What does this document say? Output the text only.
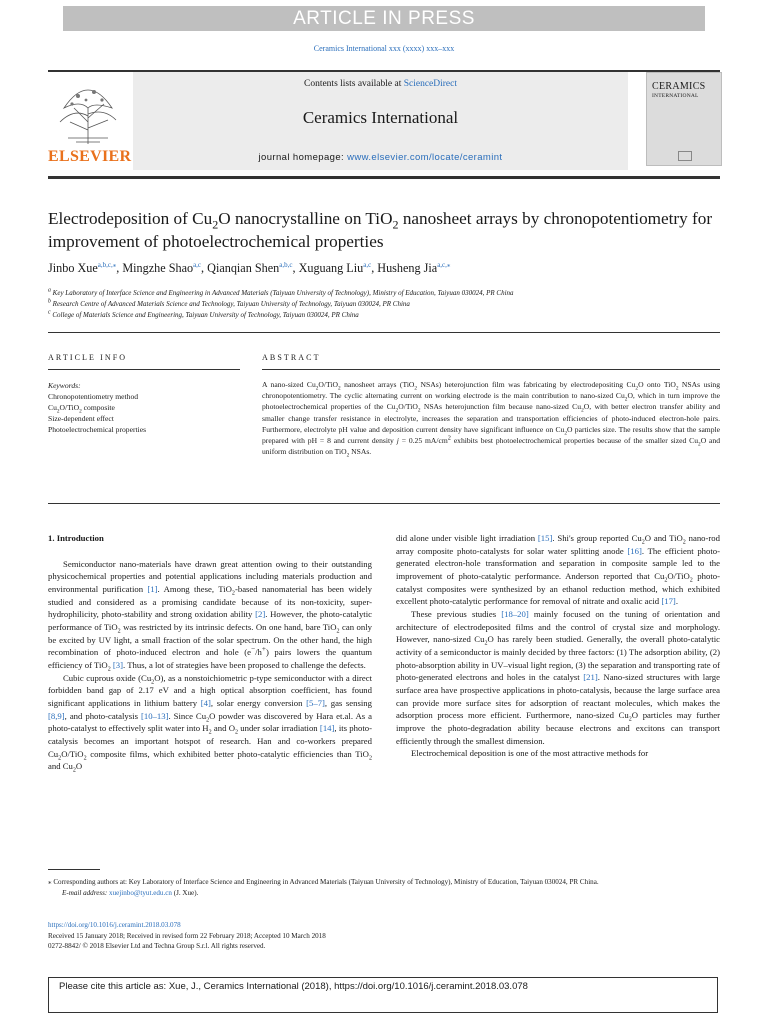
ARTICLE IN PRESS
Ceramics International xxx (xxxx) xxx–xxx
ELSEVIER
Contents lists available at ScienceDirect
Ceramics International
journal homepage: www.elsevier.com/locate/ceramint
CERAMICS
INTERNATIONAL
Electrodeposition of $Cu_2O$ nanocrystalline on TiO$_2$ nanosheet arrays by chronopotentiometry for improvement of photoelectrochemical properties
Jinbo Xue$^{a,b,c,⁎}$, Mingzhe Shao$^{a,c}$, Qianqian Shen$^{a,b,c}$, Xuguang Liu$^{a,c}$, Husheng Jia$^{a,c,⁎}$
$^a$ Key Laboratory of Interface Science and Engineering in Advanced Materials (Taiyuan University of Technology), Ministry of Education, Taiyuan 030024, PR China
$^b$ Research Centre of Advanced Materials Science and Technology, Taiyuan University of Technology, Taiyuan 030024, PR China
$^c$ College of Materials Science and Engineering, Taiyuan University of Technology, Taiyuan 030024, PR China
ARTICLE INFO	ABSTRACT
Keywords:
Chronopotentiometry method
$Cu_2O/TiO_2$ composite
Size-dependent effect
Photoelectrochemical properties
A nano-sized $Cu_2O/TiO_2$ nanosheet arrays (TiO$_2$ NSAs) heterojunction film was fabricating by electrodepositing $Cu_2O$ onto TiO$_2$ NSAs using chronopotentiometry. The cyclic alternating current on working electrode is the main contribution to nano-sized $Cu_2O$, which in turn improve the photoelectrochemical properties of the $Cu_2O/TiO_2$ NSAs heterojunction film because nano-sized $Cu_2O$, with better electron transfer ability and smaller change transfer resistance in electrolyte, increases the separation and transportation efficiencies of photo-induced electron-hole pairs. Furthermore, electrolyte pH value and deposition current density have significant influence on $Cu_2O$ particles size. The results show that the sample prepared with pH = 8 and current density j = 0.25 $mA/cm^2$ exhibits best photoelectrochemical properties because of the smaller sized $Cu_2O$ and uniform distribution on TiO$_2$ NSAs.

1. Introduction

Semiconductor nano-materials have drawn great attention owing to their outstanding physicochemical properties and potential applications including materials production and environmental purification [1]. Among these, TiO$_2$-based nanomaterial has been widely studied and considered as a promising candidate because of its non-toxicity, super-hydrophilicity, photo-stability and strong oxidation ability [2]. However, the photo-catalytic performance of TiO$_2$ was restricted by its intrinsic defects. On one hand, bare TiO$_2$ can only be excited by UV light, a small fraction of the solar spectrum. On the other hand, the high recombination of photo-induced electron and hole (e−/h+) pairs lowers the quantum efficiency of TiO$_2$ [3]. Thus, a lot of strategies have been proposed to challenge the defects.

Cubic cuprous oxide $(Cu_2O)$, as a nonstoichiometric p-type semiconductor with a direct forbidden band gap of 2.17 eV and a high optical absorption coefficient, has found significant applications in lithium battery [4], solar energy conversion [5–7], gas sensing [8,9], and photo-catalysis [10–13]. Since $Cu_2O$ powder was discovered by Hara et.al. As a photo-catalyst to effectively split water into $H_2$ and $O_2$ under solar irradiation [14], its photo-catalysis becomes an important hotspot of research. Han and co-workers prepared $Cu_2O/TiO_2$ composite films, which exhibited better photo-catalytic efficiencies than TiO$_2$ and $Cu_2O$

did alone under visible light irradiation [15]. Shi's group reported $Cu_2O$ and TiO$_2$ nano-rod array composite photo-catalysts for solar water splitting anode [16]. The efficient photo-generated electron-hole transformation and separation in composite sample led to the improvement of photo-catalytic performance. Anderson reported that $Cu_2O/TiO_2$ photo-catalyst composites were synthesized by an ethanol reduction method, which exhibited excellent photo-catalytic performance for removal of nitrate and oxalic acid [17].

These previous studies [18–20] mainly focused on the tuning of orientation and architecture of electrodeposited films and the control of crystal size and morphology. However, nano-sized $Cu_2O$ has rarely been studied. Generally, the overall photo-catalytic activity of a semiconductor is mainly decided by three factors: (1) The adsorption ability, (2) photo-absorption ability in UV–visual light region, (3) the separation and transporting rate of photo-generated electrons and holes in the catalyst [21]. Nano-sized structures with large surface area have prospective applications in photo-catalysis, because the large surface area can provide more surface sites for adsorption of reactant molecules, which makes the adsorption process more efficient. Furthermore, nano-sized $Cu_2O$ particles may further improve the photo-degradation ability because electrons and excitons can transport efficiently through the smallest dimension.

Electrochemical deposition is one of the most attractive methods for

⁎ Corresponding authors at: Key Laboratory of Interface Science and Engineering in Advanced Materials (Taiyuan University of Technology), Ministry of Education, Taiyuan 030024, PR China.
E-mail address: xuejinbo@tyut.edu.cn (J. Xue).
https://doi.org/10.1016/j.ceramint.2018.03.078
Received 15 January 2018; Received in revised form 22 February 2018; Accepted 10 March 2018
0272-8842/ © 2018 Elsevier Ltd and Techna Group S.r.l. All rights reserved.
Please cite this article as: Xue, J., Ceramics International (2018), https://doi.org/10.1016/j.ceramint.2018.03.078
